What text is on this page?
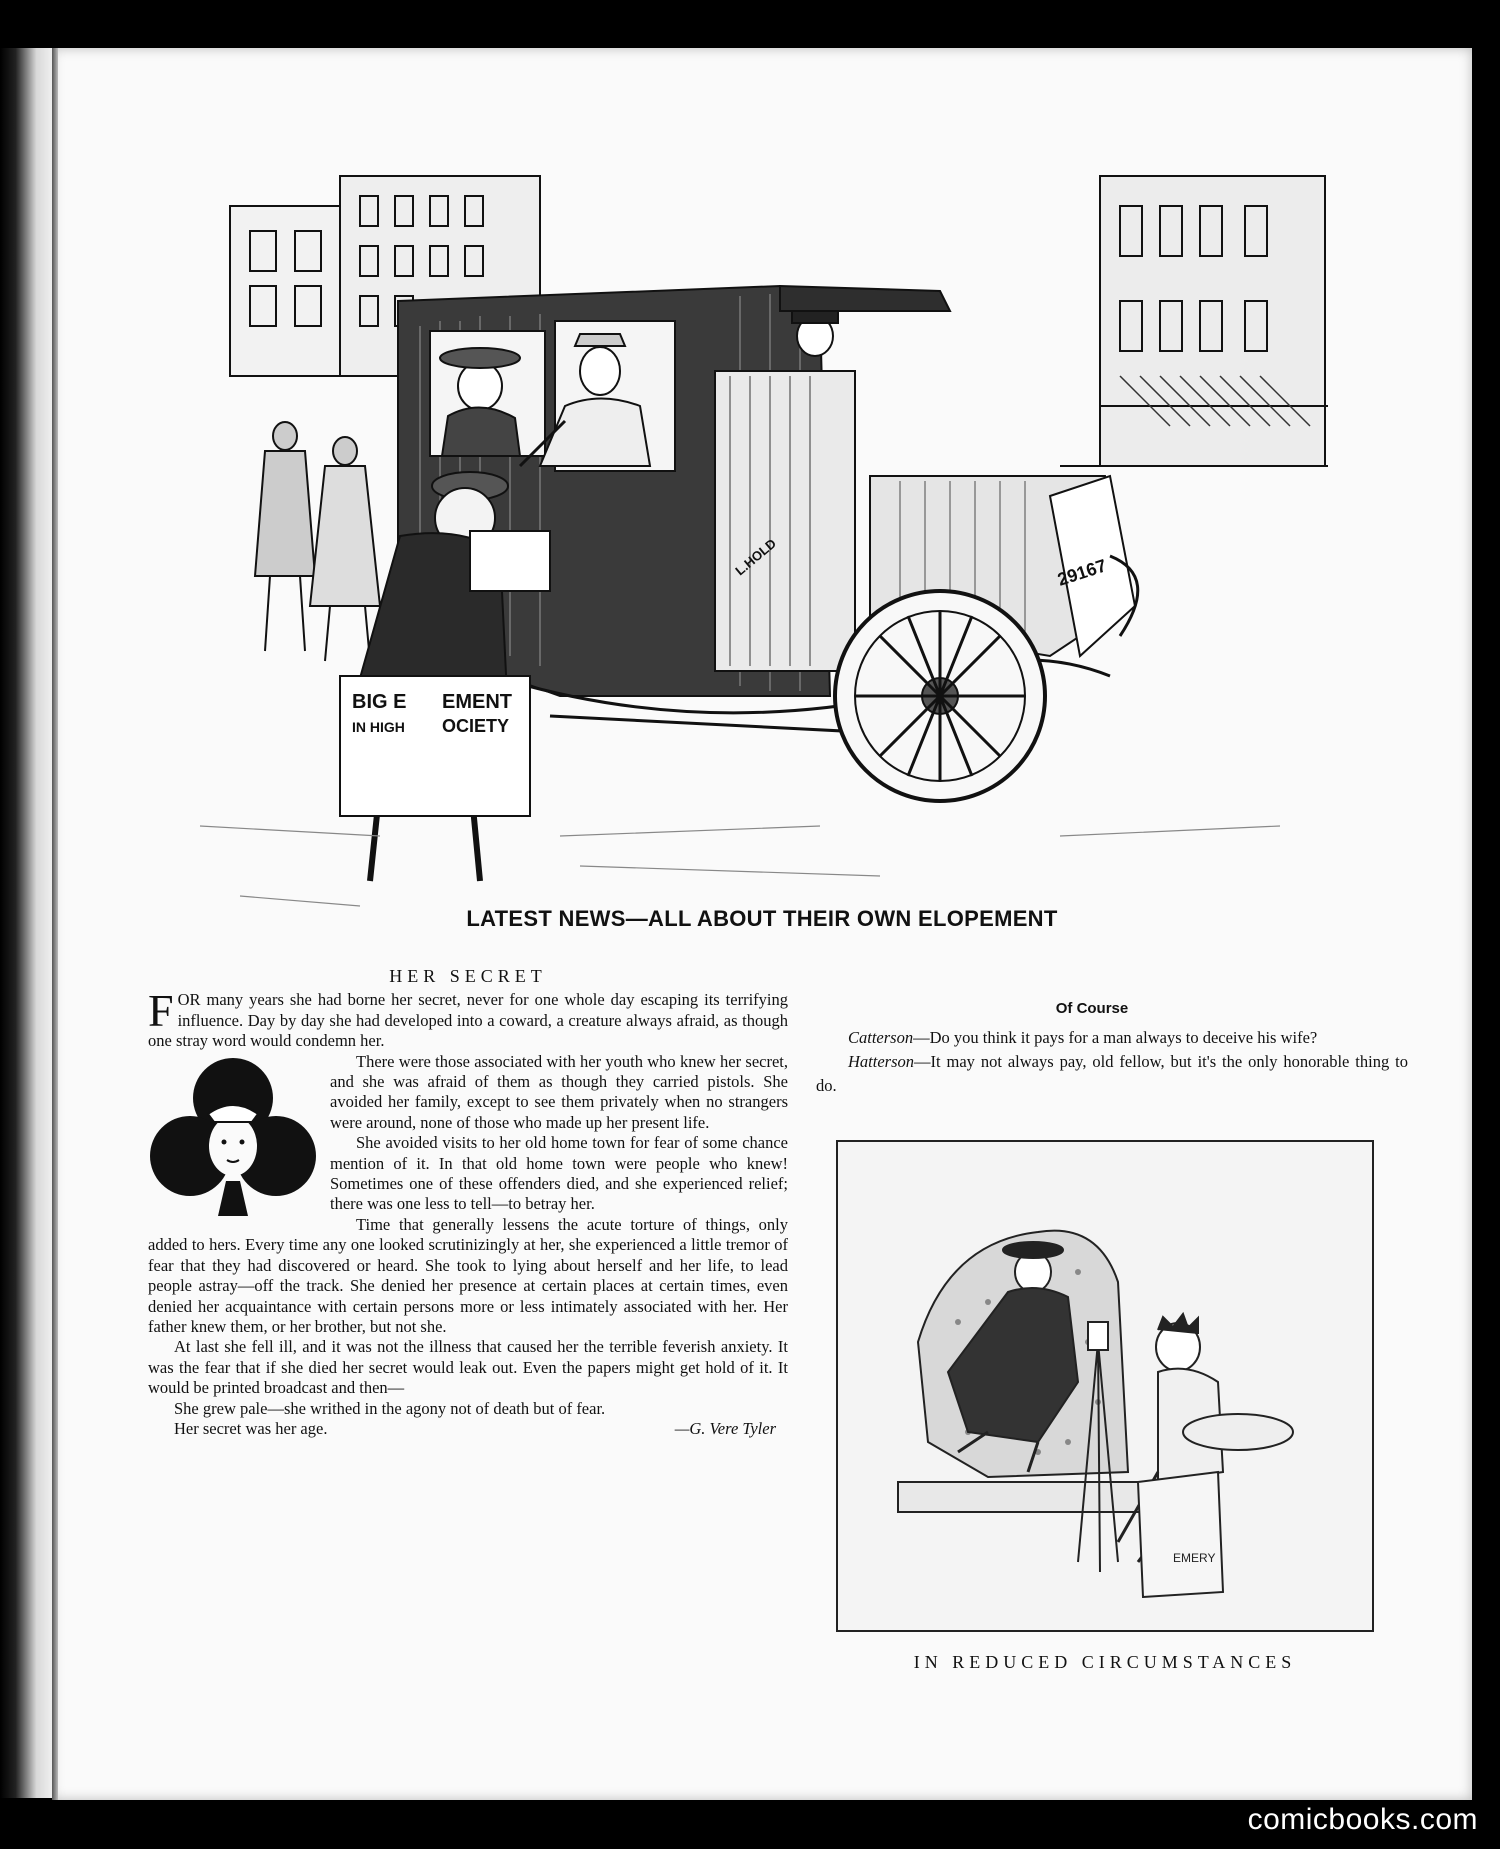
BIG E EMENT
IN HIGH OCIETY
29167
L.HOLD
LATEST NEWS—ALL ABOUT THEIR OWN ELOPEMENT
HER SECRET

FOR many years she had borne her secret, never for one whole day escaping its terrifying influence. Day by day she had developed into a coward, a creature always afraid, as though one stray word would condemn her.

There were those associated with her youth who knew her secret, and she was afraid of them as though they carried pistols. She avoided her family, except to see them privately when no strangers were around, none of those who made up her present life.

She avoided visits to her old home town for fear of some chance mention of it. In that old home town were people who knew! Sometimes one of these offenders died, and she experienced relief; there was one less to tell—to betray her.

Time that generally lessens the acute torture of things, only added to hers. Every time any one looked scrutinizingly at her, she experienced a little tremor of fear that they had discovered or heard. She took to lying about herself and her life, to lead people astray—off the track. She denied her presence at certain places at certain times, even denied her acquaintance with certain persons more or less intimately associated with her. Her father knew them, or her brother, but not she.

At last she fell ill, and it was not the illness that caused her the terrible feverish anxiety. It was the fear that if she died her secret would leak out. Even the papers might get hold of it. It would be printed broadcast and then—

She grew pale—she writhed in the agony not of death but of fear.

Her secret was her age.	—G. Vere Tyler
Of Course

Catterson—Do you think it pays for a man always to deceive his wife?

Hatterson—It may not always pay, old fellow, but it's the only honorable thing to do.

EMERY
IN REDUCED CIRCUMSTANCES
comicbooks.com
